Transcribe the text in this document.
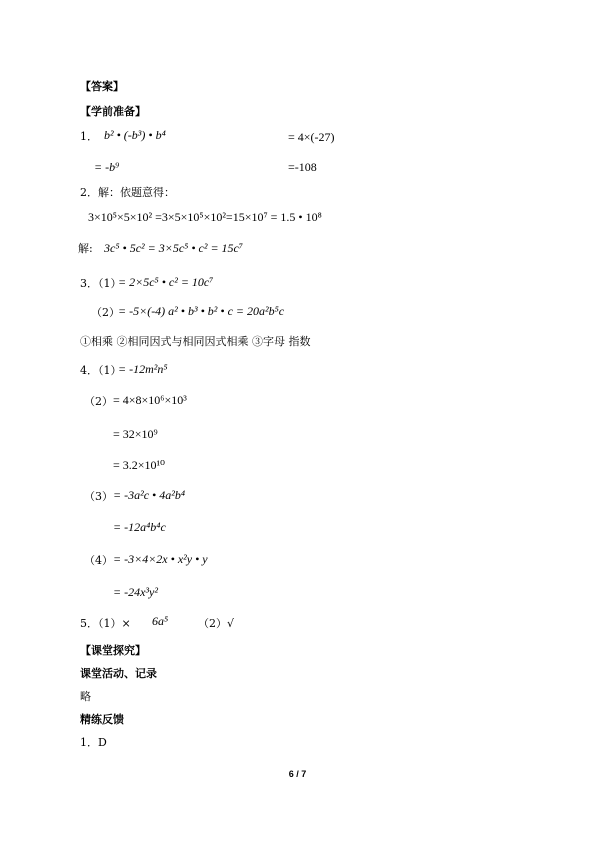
【答案】
【学前准备】
1． b² • (-b³) • b⁴	= 4×(-27)
= -b⁹	=-108
2．解：依题意得：
3×10⁵×5×10² =3×5×10⁵×10²=15×10⁷ = 1.5 • 10⁸
解: 3c⁵ • 5c² = 3×5c⁵ • c² = 15c⁷
3．（1）
= 2×5c⁵ • c² = 10c⁷
（2）
= -5×(-4) a² • b³ • b² • c = 20a²b⁵c
①相乘 ②相同因式与相同因式相乘 ③字母 指数
4．（1）
= -12m²n⁵
（2） = 4×8×10⁶×10³
= 32×10⁹
= 3.2×10¹⁰
（3） = -3a²c • 4a²b⁴
= -12a⁴b⁴c
（4） = -3×4×2x • x²y • y
= -24x³y²
5．（1）× 6a⁵	（2）√
【课堂探究】
课堂活动、记录
略
精练反馈
1．D
6 / 7
